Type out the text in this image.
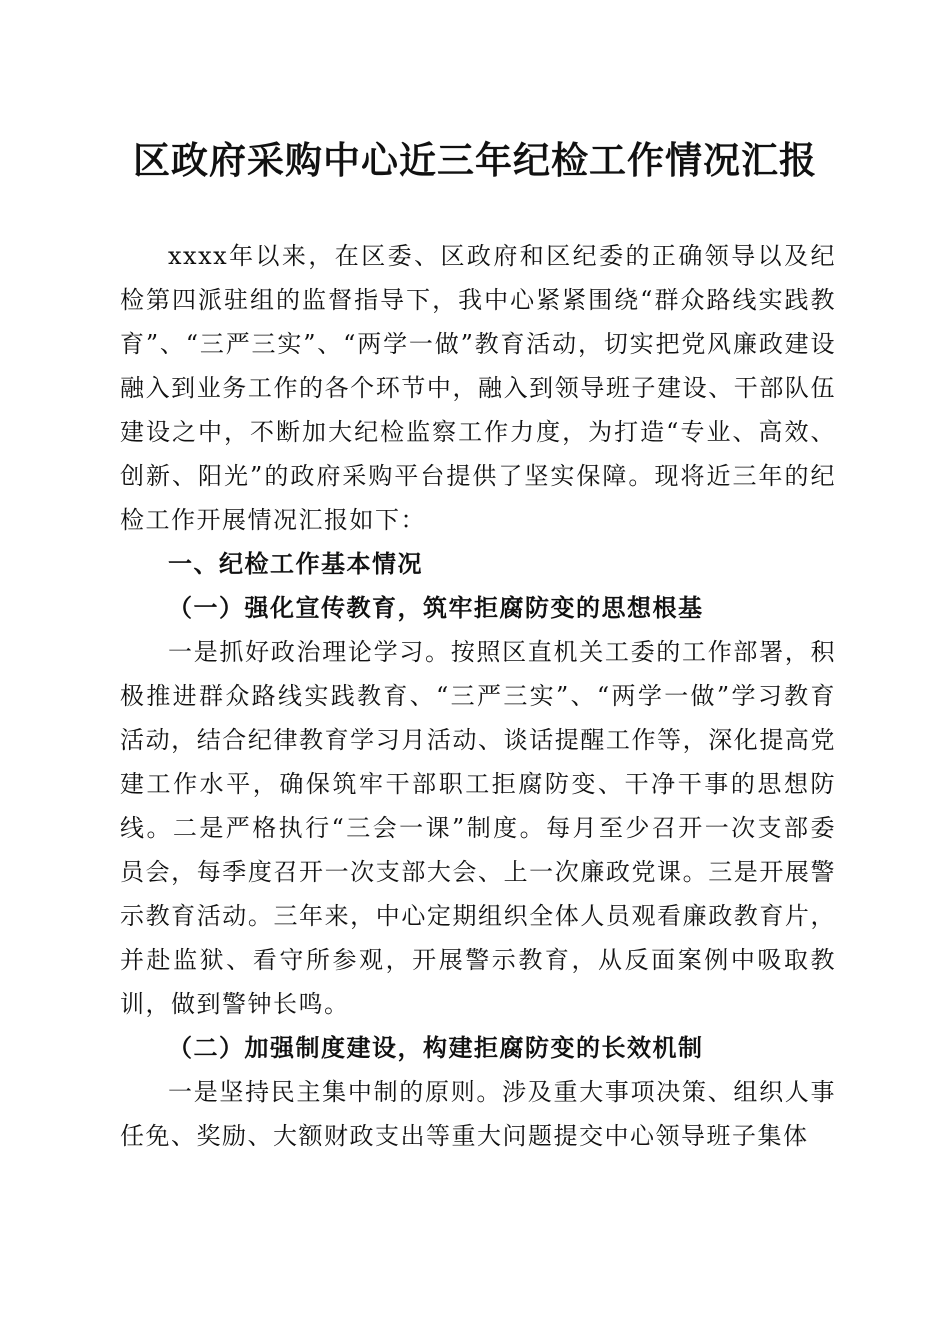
区政府采购中心近三年纪检工作情况汇报

xxxx年以来，在区委、区政府和区纪委的正确领导以及纪检第四派驻组的监督指导下，我中心紧紧围绕“群众路线实践教育”、“三严三实”、“两学一做”教育活动，切实把党风廉政建设融入到业务工作的各个环节中，融入到领导班子建设、干部队伍建设之中，不断加大纪检监察工作力度，为打造“专业、高效、创新、阳光”的政府采购平台提供了坚实保障。现将近三年的纪检工作开展情况汇报如下：

一、纪检工作基本情况

（一）强化宣传教育，筑牢拒腐防变的思想根基

一是抓好政治理论学习。按照区直机关工委的工作部署，积极推进群众路线实践教育、“三严三实”、“两学一做”学习教育活动，结合纪律教育学习月活动、谈话提醒工作等，深化提高党建工作水平，确保筑牢干部职工拒腐防变、干净干事的思想防线。二是严格执行“三会一课”制度。每月至少召开一次支部委员会，每季度召开一次支部大会、上一次廉政党课。三是开展警示教育活动。三年来，中心定期组织全体人员观看廉政教育片，并赴监狱、看守所参观，开展警示教育，从反面案例中吸取教训，做到警钟长鸣。

（二）加强制度建设，构建拒腐防变的长效机制

一是坚持民主集中制的原则。涉及重大事项决策、组织人事任免、奖励、大额财政支出等重大问题提交中心领导班子集体
